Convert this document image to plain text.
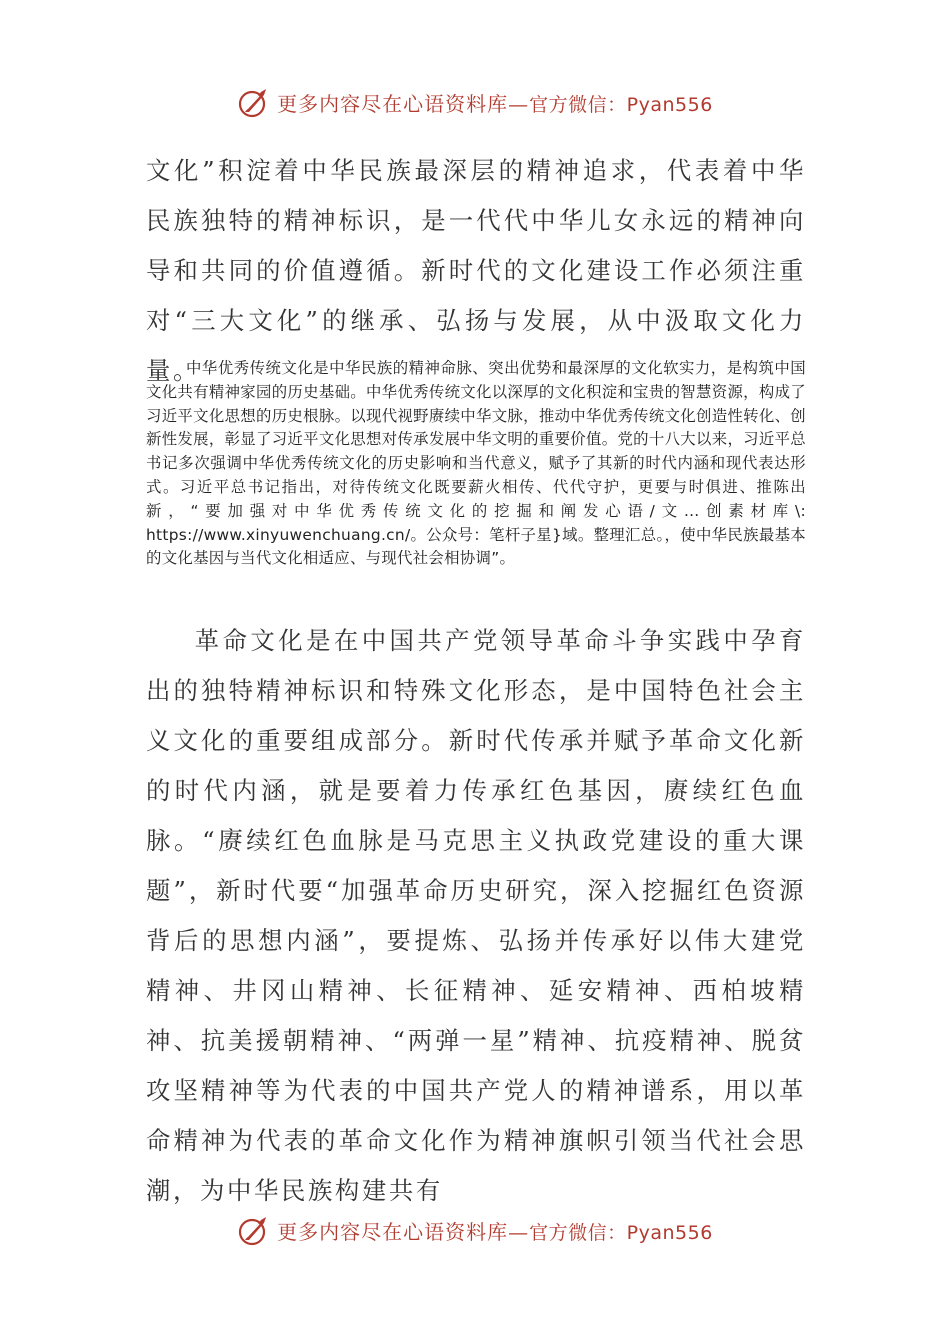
更多内容尽在心语资料库—官方微信：Pyan556
文化”积淀着中华民族最深层的精神追求，代表着中华民族独特的精神标识，是一代代中华儿女永远的精神向导和共同的价值遵循。新时代的文化建设工作必须注重对“三大文化”的继承、弘扬与发展，从中汲取文化力量。
中华优秀传统文化是中华民族的精神命脉、突出优势和最深厚的文化软实力，是构筑中国文化共有精神家园的历史基础。中华优秀传统文化以深厚的文化积淀和宝贵的智慧资源，构成了习近平文化思想的历史根脉。以现代视野赓续中华文脉，推动中华优秀传统文化创造性转化、创新性发展，彰显了习近平文化思想对传承发展中华文明的重要价值。党的十八大以来，习近平总书记多次强调中华优秀传统文化的历史影响和当代意义，赋予了其新的时代内涵和现代表达形式。习近平总书记指出，对待传统文化既要薪火相传、代代守护，更要与时俱进、推陈出新，“要加强对中华优秀传统文化的挖掘和阐发心语/文…创素材库\: https://www.xinyuwenchuang.cn/。公众号：笔杆子星}域。整理汇总。，使中华民族最基本的文化基因与当代文化相适应、与现代社会相协调”。
革命文化是在中国共产党领导革命斗争实践中孕育出的独特精神标识和特殊文化形态，是中国特色社会主义文化的重要组成部分。新时代传承并赋予革命文化新的时代内涵，就是要着力传承红色基因，赓续红色血脉。“赓续红色血脉是马克思主义执政党建设的重大课题”，新时代要“加强革命历史研究，深入挖掘红色资源背后的思想内涵”，要提炼、弘扬并传承好以伟大建党精神、井冈山精神、长征精神、延安精神、西柏坡精神、抗美援朝精神、“两弹一星”精神、抗疫精神、脱贫攻坚精神等为代表的中国共产党人的精神谱系，用以革命精神为代表的革命文化作为精神旗帜引领当代社会思潮，为中华民族构建共有
更多内容尽在心语资料库—官方微信：Pyan556
